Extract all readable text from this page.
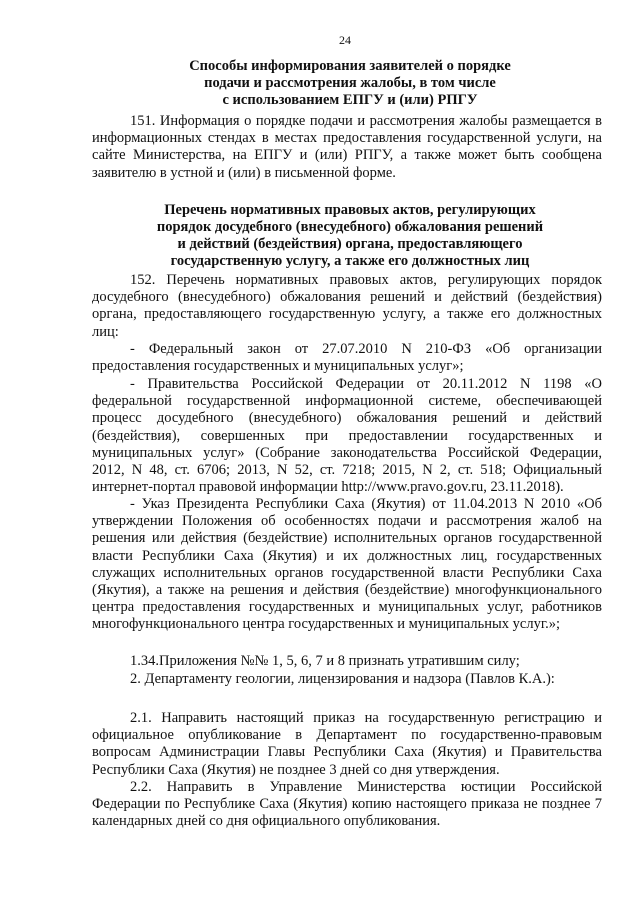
24
Способы информирования заявителей о порядке
подачи и рассмотрения жалобы, в том числе
с использованием ЕПГУ и (или) РПГУ
151. Информация о порядке подачи и рассмотрения жалобы размещается в информационных стендах в местах предоставления государственной услуги, на сайте Министерства, на ЕПГУ и (или) РПГУ, а также может быть сообщена заявителю в устной и (или) в письменной форме.
Перечень нормативных правовых актов, регулирующих
порядок досудебного (внесудебного) обжалования решений
и действий (бездействия) органа, предоставляющего
государственную услугу, а также его должностных лиц
152. Перечень нормативных правовых актов, регулирующих порядок досудебного (внесудебного) обжалования решений и действий (бездействия) органа, предоставляющего государственную услугу, а также его должностных лиц:
- Федеральный закон от 27.07.2010 N 210-ФЗ «Об организации предоставления государственных и муниципальных услуг»;
- Правительства Российской Федерации от 20.11.2012 N 1198 «О федеральной государственной информационной системе, обеспечивающей процесс досудебного (внесудебного) обжалования решений и действий (бездействия), совершенных при предоставлении государственных и муниципальных услуг» (Собрание законодательства Российской Федерации, 2012, N 48, ст. 6706; 2013, N 52, ст. 7218; 2015, N 2, ст. 518; Официальный интернет-портал правовой информации http://www.pravo.gov.ru, 23.11.2018).
- Указ Президента Республики Саха (Якутия) от 11.04.2013 N 2010 «Об утверждении Положения об особенностях подачи и рассмотрения жалоб на решения или действия (бездействие) исполнительных органов государственной власти Республики Саха (Якутия) и их должностных лиц, государственных служащих исполнительных органов государственной власти Республики Саха (Якутия), а также на решения и действия (бездействие) многофункционального центра предоставления государственных и муниципальных услуг, работников многофункционального центра государственных и муниципальных услуг.»;
1.34.Приложения №№ 1, 5, 6, 7 и 8 признать утратившим силу;
2. Департаменту геологии, лицензирования и надзора (Павлов К.А.):
2.1. Направить настоящий приказ на государственную регистрацию и официальное опубликование в Департамент по государственно-правовым вопросам Администрации Главы Республики Саха (Якутия) и Правительства Республики Саха (Якутия) не позднее 3 дней со дня утверждения.
2.2. Направить в Управление Министерства юстиции Российской Федерации по Республике Саха (Якутия) копию настоящего приказа не позднее 7 календарных дней со дня официального опубликования.
